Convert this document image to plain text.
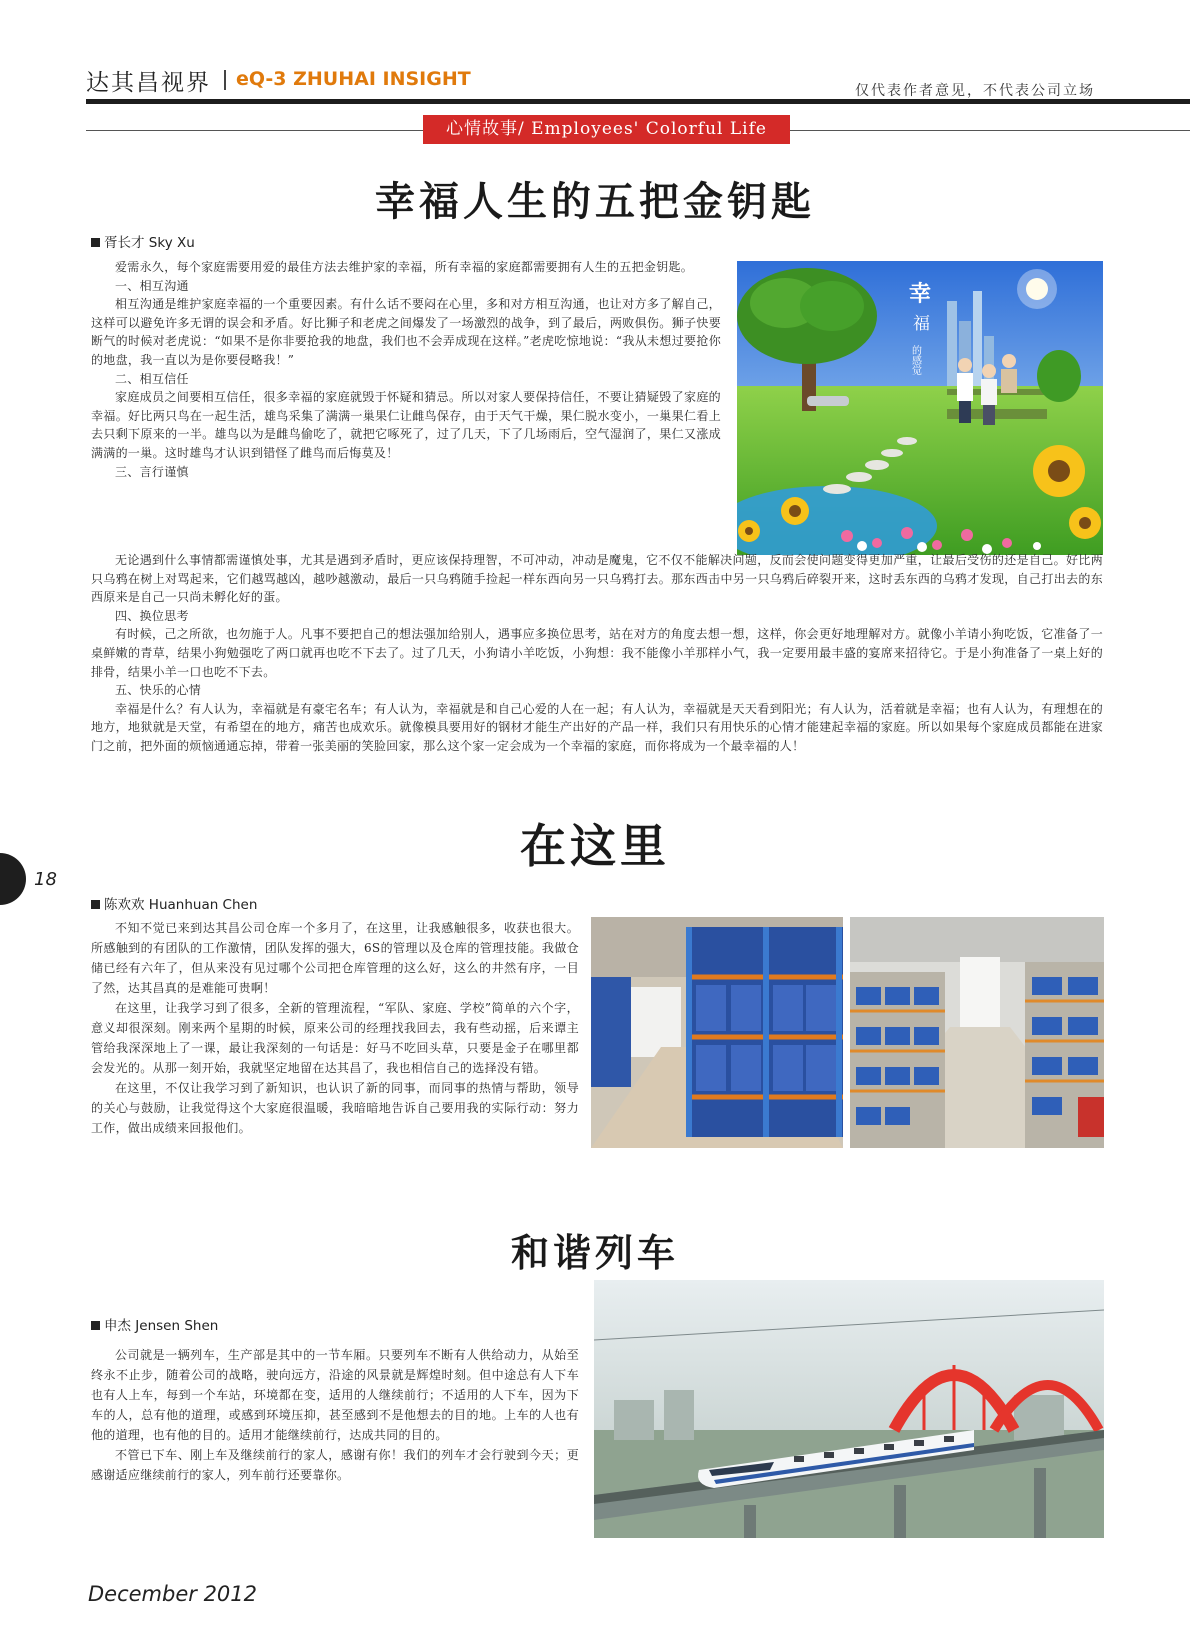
达其昌视界 eQ-3 ZHUHAI INSIGHT
仅代表作者意见，不代表公司立场
心情故事/ Employees' Colorful Life
幸福人生的五把金钥匙
胥长才 Sky Xu

爱需永久，每个家庭需要用爱的最佳方法去维护家的幸福，所有幸福的家庭都需要拥有人生的五把金钥匙。

一、相互沟通

相互沟通是维护家庭幸福的一个重要因素。有什么话不要闷在心里，多和对方相互沟通，也让对方多了解自己，这样可以避免许多无谓的误会和矛盾。好比狮子和老虎之间爆发了一场激烈的战争，到了最后，两败俱伤。狮子快要断气的时候对老虎说：“如果不是你非要抢我的地盘，我们也不会弄成现在这样。”老虎吃惊地说：“我从未想过要抢你的地盘，我一直以为是你要侵略我！”

二、相互信任

家庭成员之间要相互信任，很多幸福的家庭就毁于怀疑和猜忌。所以对家人要保持信任，不要让猜疑毁了家庭的幸福。好比两只鸟在一起生活，雄鸟采集了满满一巢果仁让雌鸟保存，由于天气干燥，果仁脱水变小，一巢果仁看上去只剩下原来的一半。雄鸟以为是雌鸟偷吃了，就把它啄死了，过了几天，下了几场雨后，空气湿润了，果仁又涨成满满的一巢。这时雄鸟才认识到错怪了雌鸟而后悔莫及！

三、言行谨慎

幸
福
的感觉

无论遇到什么事情都需谨慎处事，尤其是遇到矛盾时，更应该保持理智，不可冲动，冲动是魔鬼，它不仅不能解决问题，反而会使问题变得更加严重，让最后受伤的还是自己。好比两只乌鸦在树上对骂起来，它们越骂越凶，越吵越激动，最后一只乌鸦随手捡起一样东西向另一只乌鸦打去。那东西击中另一只乌鸦后碎裂开来，这时丢东西的乌鸦才发现，自己打出去的东西原来是自己一只尚未孵化好的蛋。

四、换位思考

有时候，己之所欲，也勿施于人。凡事不要把自己的想法强加给别人，遇事应多换位思考，站在对方的角度去想一想，这样，你会更好地理解对方。就像小羊请小狗吃饭，它准备了一桌鲜嫩的青草，结果小狗勉强吃了两口就再也吃不下去了。过了几天，小狗请小羊吃饭，小狗想：我不能像小羊那样小气，我一定要用最丰盛的宴席来招待它。于是小狗准备了一桌上好的排骨，结果小羊一口也吃不下去。

五、快乐的心情

幸福是什么？有人认为，幸福就是有豪宅名车；有人认为，幸福就是和自己心爱的人在一起；有人认为，幸福就是天天看到阳光；有人认为，活着就是幸福；也有人认为，有理想在的地方，地狱就是天堂，有希望在的地方，痛苦也成欢乐。就像模具要用好的钢材才能生产出好的产品一样，我们只有用快乐的心情才能建起幸福的家庭。所以如果每个家庭成员都能在进家门之前，把外面的烦恼通通忘掉，带着一张美丽的笑脸回家，那么这个家一定会成为一个幸福的家庭，而你将成为一个最幸福的人！

18
在这里
陈欢欢 Huanhuan Chen

不知不觉已来到达其昌公司仓库一个多月了，在这里，让我感触很多，收获也很大。所感触到的有团队的工作激情，团队发挥的强大，6S的管理以及仓库的管理技能。我做仓储已经有六年了，但从来没有见过哪个公司把仓库管理的这么好，这么的井然有序，一目了然，达其昌真的是难能可贵啊！

在这里，让我学习到了很多，全新的管理流程，“军队、家庭、学校”简单的六个字，意义却很深刻。刚来两个星期的时候，原来公司的经理找我回去，我有些动摇，后来谭主管给我深深地上了一课，最让我深刻的一句话是：好马不吃回头草，只要是金子在哪里都会发光的。从那一刻开始，我就坚定地留在达其昌了，我也相信自己的选择没有错。

在这里，不仅让我学习到了新知识，也认识了新的同事，而同事的热情与帮助，领导的关心与鼓励，让我觉得这个大家庭很温暖，我暗暗地告诉自己要用我的实际行动：努力工作，做出成绩来回报他们。

和谐列车
申杰 Jensen Shen

公司就是一辆列车，生产部是其中的一节车厢。只要列车不断有人供给动力，从始至终永不止步，随着公司的战略，驶向远方，沿途的风景就是辉煌时刻。但中途总有人下车也有人上车，每到一个车站，环境都在变，适用的人继续前行；不适用的人下车，因为下车的人，总有他的道理，或感到环境压抑，甚至感到不是他想去的目的地。上车的人也有他的道理，也有他的目的。适用才能继续前行，达成共同的目的。

不管已下车、刚上车及继续前行的家人，感谢有你！我们的列车才会行驶到今天；更感谢适应继续前行的家人，列车前行还要靠你。

December 2012
